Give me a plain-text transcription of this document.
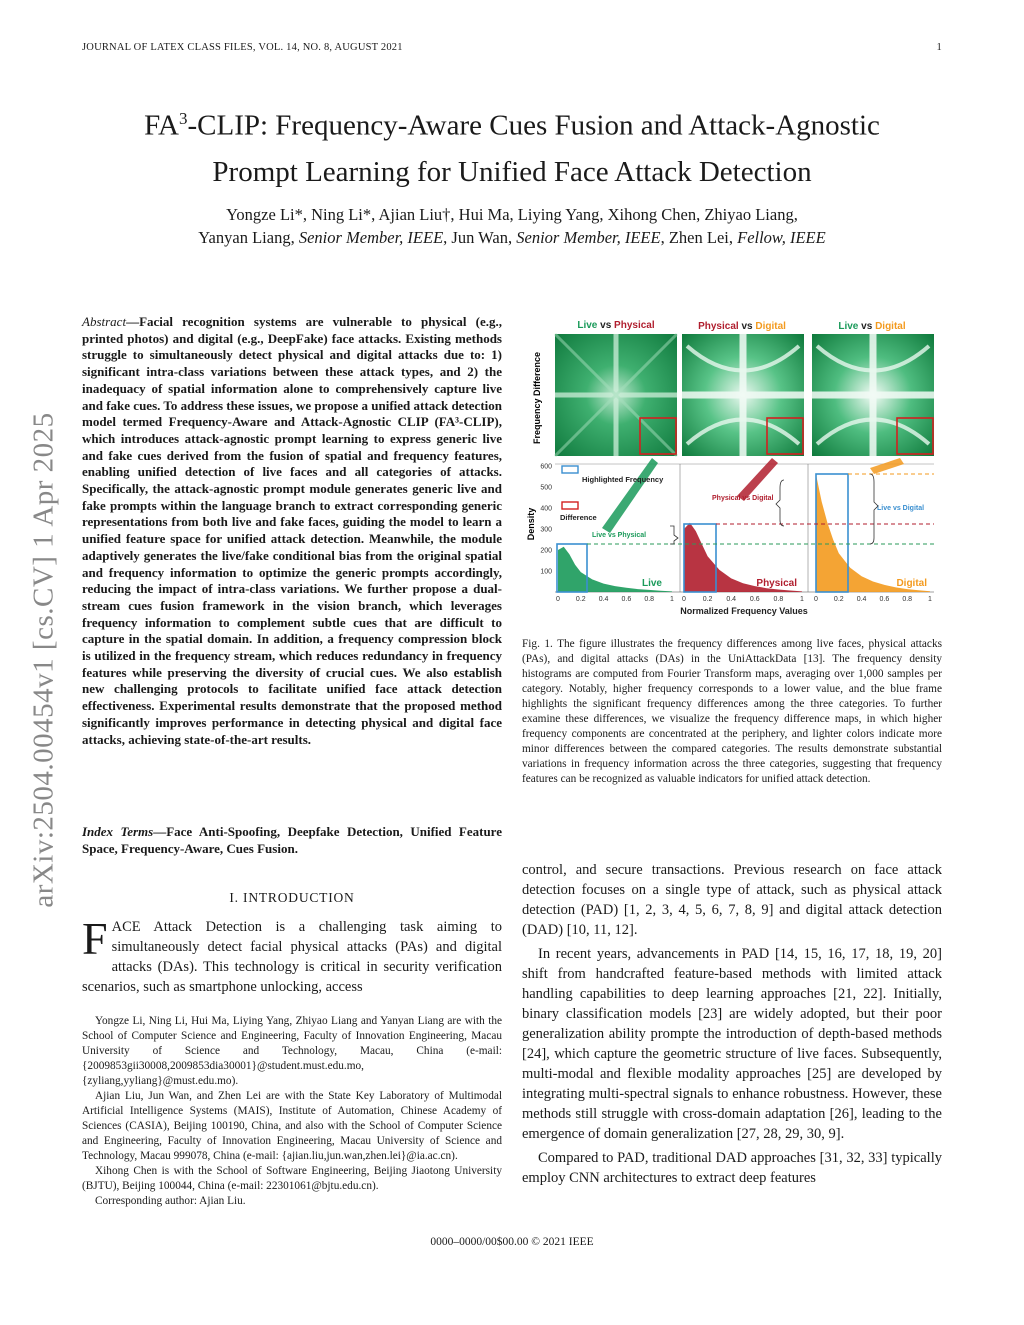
JOURNAL OF LATEX CLASS FILES, VOL. 14, NO. 8, AUGUST 2021	1
$FA^3$-CLIP: Frequency-Aware Cues Fusion and Attack-Agnostic
Prompt Learning for Unified Face Attack Detection
Yongze Li*, Ning Li*, Ajian Liu†, Hui Ma, Liying Yang, Xihong Chen, Zhiyao Liang,
Yanyan Liang, Senior Member, IEEE, Jun Wan, Senior Member, IEEE, Zhen Lei, Fellow, IEEE
arXiv:2504.00454v1 [cs.CV] 1 Apr 2025
Abstract—Facial recognition systems are vulnerable to physical (e.g., printed photos) and digital (e.g., DeepFake) face attacks. Existing methods struggle to simultaneously detect physical and digital attacks due to: 1) significant intra-class variations between these attack types, and 2) the inadequacy of spatial information alone to comprehensively capture live and fake cues. To address these issues, we propose a unified attack detection model termed Frequency-Aware and Attack-Agnostic CLIP (FA³-CLIP), which introduces attack-agnostic prompt learning to express generic live and fake cues derived from the fusion of spatial and frequency features, enabling unified detection of live faces and all categories of attacks. Specifically, the attack-agnostic prompt module generates generic live and fake prompts within the language branch to extract corresponding generic representations from both live and fake faces, guiding the model to learn a unified feature space for unified attack detection. Meanwhile, the module adaptively generates the live/fake conditional bias from the original spatial and frequency information to optimize the generic prompts accordingly, reducing the impact of intra-class variations. We further propose a dual-stream cues fusion framework in the vision branch, which leverages frequency information to complement subtle cues that are difficult to capture in the spatial domain. In addition, a frequency compression block is utilized in the frequency stream, which reduces redundancy in frequency features while preserving the diversity of crucial cues. We also establish new challenging protocols to facilitate unified face attack detection effectiveness. Experimental results demonstrate that the proposed method significantly improves performance in detecting physical and digital face attacks, achieving state-of-the-art results.
Index Terms—Face Anti-Spoofing, Deepfake Detection, Unified Feature Space, Frequency-Aware, Cues Fusion.
I. INTRODUCTION
FACE Attack Detection is a challenging task aiming to simultaneously detect facial physical attacks (PAs) and digital attacks (DAs). This technology is critical in security verification scenarios, such as smartphone unlocking, access

Yongze Li, Ning Li, Hui Ma, Liying Yang, Zhiyao Liang and Yanyan Liang are with the School of Computer Science and Engineering, Faculty of Innovation Engineering, Macau University of Science and Technology, Macau, China (e-mail: {2009853gii30008,2009853dia30001}@student.must.edu.mo, {zyliang,yyliang}@must.edu.mo).

Ajian Liu, Jun Wan, and Zhen Lei are with the State Key Laboratory of Multimodal Artificial Intelligence Systems (MAIS), Institute of Automation, Chinese Academy of Sciences (CASIA), Beijing 100190, China, and also with the School of Computer Science and Engineering, Faculty of Innovation Engineering, Macau University of Science and Technology, Macau 999078, China (e-mail: {ajian.liu,jun.wan,zhen.lei}@ia.ac.cn).

Xihong Chen is with the School of Software Engineering, Beijing Jiaotong University (BJTU), Beijing 100044, China (e-mail: 22301061@bjtu.edu.cn).

Corresponding author: Ajian Liu.

Live vs Physical	Physical vs Digital	Live vs Digital
Frequency Difference
Density
100
200
300
400
500
600
0 0.2 0.4 0.6 0.8 1 0 0.2 0.4 0.6 0.8 1 0 0.2 0.4 0.6 0.8 1
Highlighted Frequency
Difference
Live vs Physical
Physical vs Digital
Live vs Digital
Live	Physical	Digital
Normalized Frequency Values
Fig. 1. The figure illustrates the frequency differences among live faces, physical attacks (PAs), and digital attacks (DAs) in the UniAttackData [13]. The frequency density histograms are computed from Fourier Transform maps, averaging over 1,000 samples per category. Notably, higher frequency corresponds to a lower value, and the blue frame highlights the significant frequency differences among the three categories. To further examine these differences, we visualize the frequency difference maps, in which higher frequency components are concentrated at the periphery, and lighter colors indicate more minor differences between the compared categories. The results demonstrate substantial variations in frequency information across the three categories, suggesting that frequency features can be recognized as valuable indicators for unified attack detection.

control, and secure transactions. Previous research on face attack detection focuses on a single type of attack, such as physical attack detection (PAD) [1, 2, 3, 4, 5, 6, 7, 8, 9] and digital attack detection (DAD) [10, 11, 12].

In recent years, advancements in PAD [14, 15, 16, 17, 18, 19, 20] shift from handcrafted feature-based methods with limited attack handling capabilities to deep learning approaches [21, 22]. Initially, binary classification models [23] are widely adopted, but their poor generalization ability prompte the introduction of depth-based methods [24], which capture the geometric structure of live faces. Subsequently, multi-modal and flexible modality approaches [25] are developed by integrating multi-spectral signals to enhance robustness. However, these methods still struggle with cross-domain adaptation [26], leading to the emergence of domain generalization [27, 28, 29, 30, 9].

Compared to PAD, traditional DAD approaches [31, 32, 33] typically employ CNN architectures to extract deep features

0000–0000/00$00.00 © 2021 IEEE
